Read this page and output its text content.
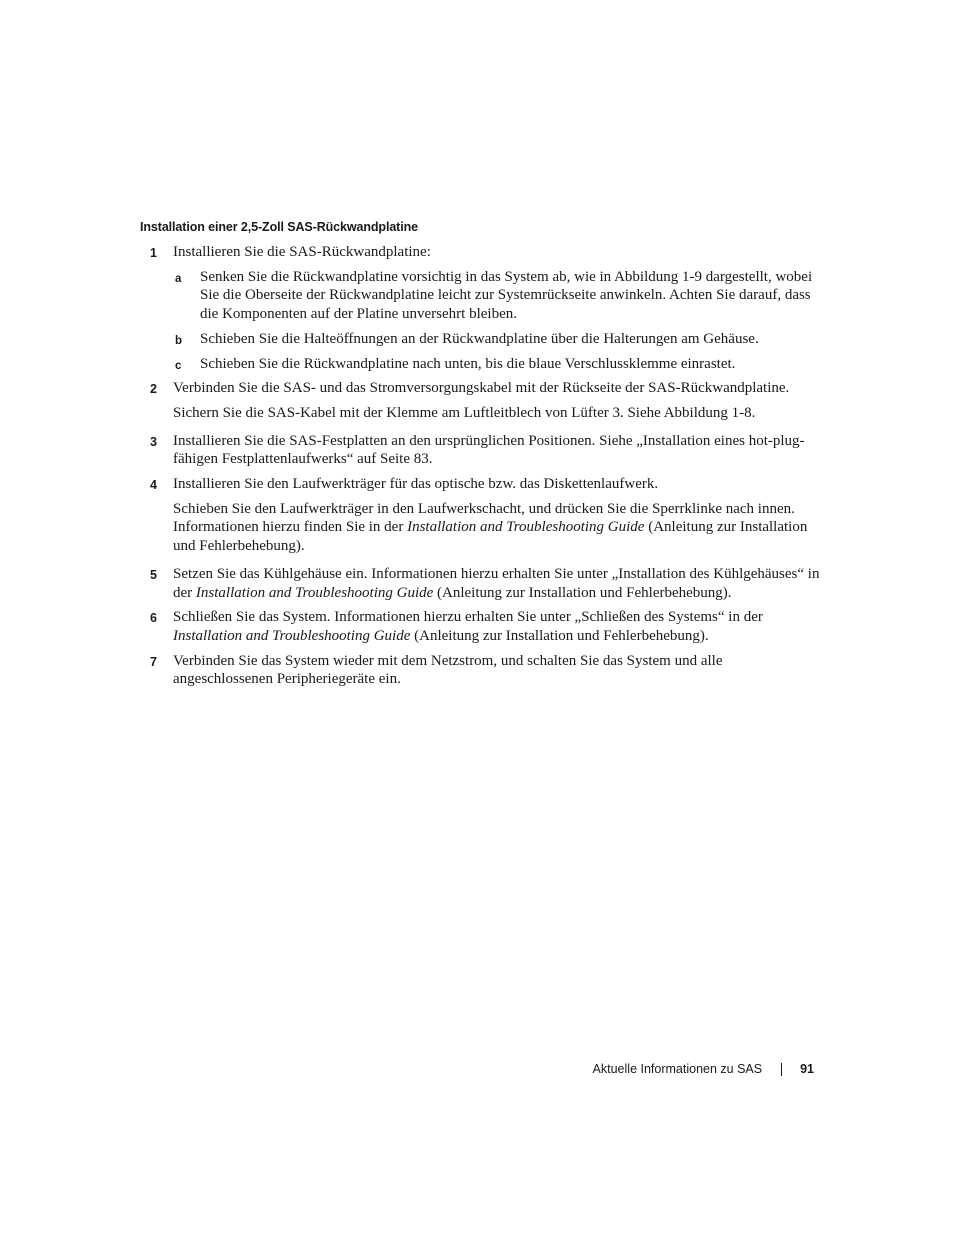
Installation einer 2,5-Zoll SAS-Rückwandplatine
1 Installieren Sie die SAS-Rückwandplatine:

a Senken Sie die Rückwandplatine vorsichtig in das System ab, wie in Abbildung 1-9 dargestellt, wobei Sie die Oberseite der Rückwandplatine leicht zur Systemrückseite anwinkeln. Achten Sie darauf, dass die Komponenten auf der Platine unversehrt bleiben.

b Schieben Sie die Halteöffnungen an der Rückwandplatine über die Halterungen am Gehäuse.

c Schieben Sie die Rückwandplatine nach unten, bis die blaue Verschlussklemme einrastet.

2 Verbinden Sie die SAS- und das Stromversorgungskabel mit der Rückseite der SAS-Rückwandplatine.

Sichern Sie die SAS-Kabel mit der Klemme am Luftleitblech von Lüfter 3. Siehe Abbildung 1-8.

3 Installieren Sie die SAS-Festplatten an den ursprünglichen Positionen. Siehe „Installation eines hot-plug-fähigen Festplattenlaufwerks“ auf Seite 83.

4 Installieren Sie den Laufwerkträger für das optische bzw. das Diskettenlaufwerk.

Schieben Sie den Laufwerkträger in den Laufwerkschacht, und drücken Sie die Sperrklinke nach innen. Informationen hierzu finden Sie in der Installation and Troubleshooting Guide (Anleitung zur Installation und Fehlerbehebung).

5 Setzen Sie das Kühlgehäuse ein. Informationen hierzu erhalten Sie unter „Installation des Kühlgehäuses“ in der Installation and Troubleshooting Guide (Anleitung zur Installation und Fehlerbehebung).

6 Schließen Sie das System. Informationen hierzu erhalten Sie unter „Schließen des Systems“ in der Installation and Troubleshooting Guide (Anleitung zur Installation und Fehlerbehebung).

7 Verbinden Sie das System wieder mit dem Netzstrom, und schalten Sie das System und alle angeschlossenen Peripheriegeräte ein.

Aktuelle Informationen zu SAS	91
